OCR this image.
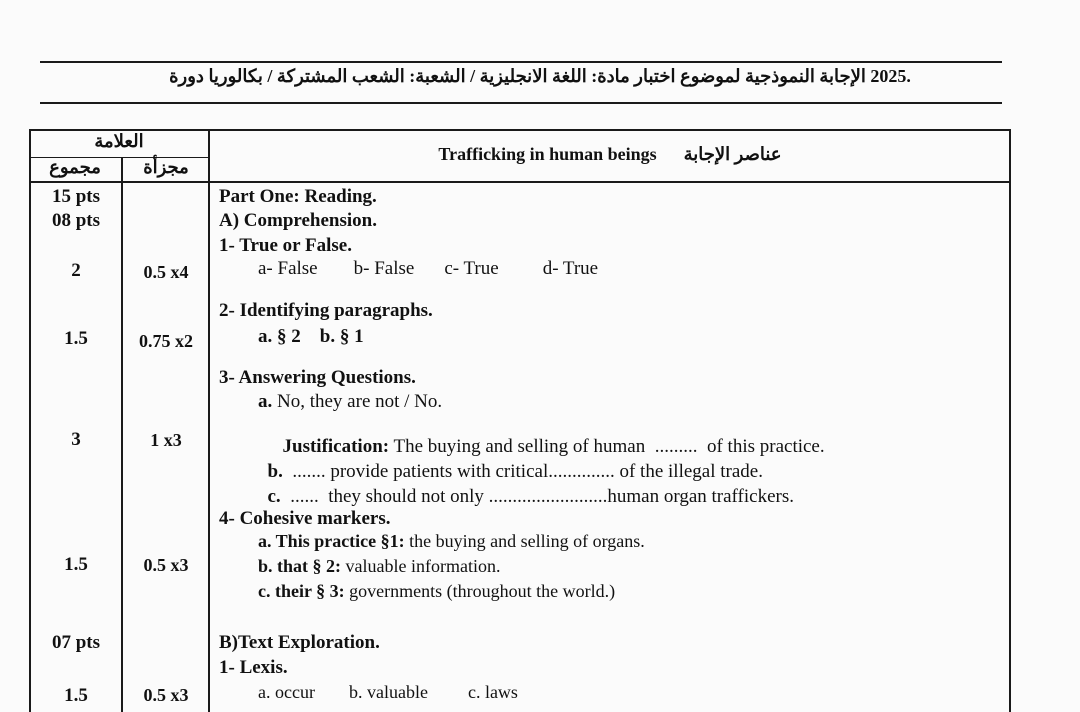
الإجابة النموذجية لموضوع اختبار مادة: اللغة الانجليزية / الشعبة: الشعب المشتركة / بكالوريا دورة 2025.
العلامة
مجموع	مجزأة
Trafficking in human beings عناصر الإجابة
15 pts
08 pts
2
1.5
3
1.5
07 pts
1.5
0.5 x4
0.75 x2
1 x3
0.5 x3
0.5 x3
Part One: Reading.
A) Comprehension.
1- True or False.
a- False b- False c- True d- True
2- Identifying paragraphs.
a. § 2    b. § 1
3- Answering Questions.
a. No, they are not / No.

Justification: The buying and selling of human  .........  of this practice.

b.  ....... provide patients with critical.............. of the illegal trade.

c.  ......  they should not only .........................human organ traffickers.

4- Cohesive markers.
a. This practice §1: the buying and selling of organs.
b. that § 2: valuable information.
c. their § 3: governments (throughout the world.)
B)Text Exploration.
1- Lexis.
a. occur b. valuable c. laws
